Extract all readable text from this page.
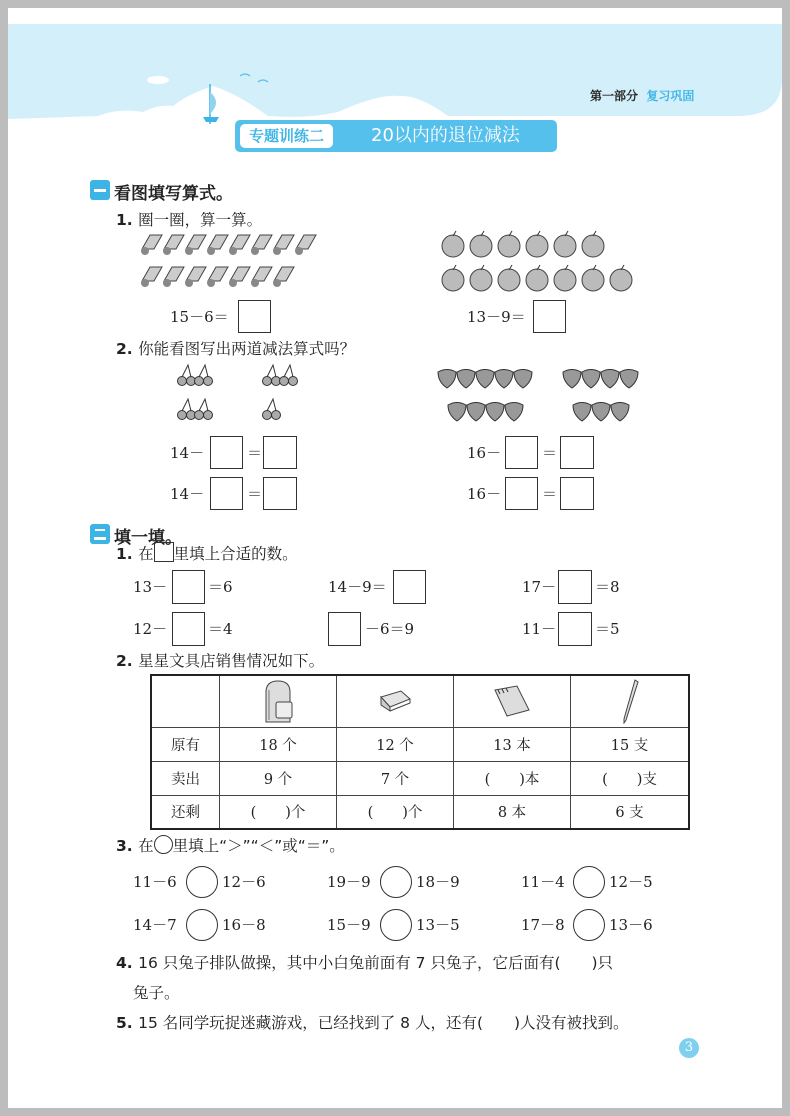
第一部分 复习巩固
专题训练二	20以内的退位减法
看图填写算式。
1. 圈一圈，算一算。
15－6＝	13－9＝
2. 你能看图写出两道减法算式吗？
填一填。
1. 在 里填上合适的数。
13－	＝6	14－9＝	17－	＝8
12－	＝4	－6＝9	11－	＝5
2. 星星文具店销售情况如下。

原有	18 个	12 个	13 本	15 支
卖出	9 个	7 个	(　　)本	(　　)支
还剩	(　　)个	(　　)个	8 本	6 支
3. 在 里填上“＞”“＜”或“＝”。
4. 16 只兔子排队做操，其中小白兔前面有 7 只兔子，它后面有(　　)只
兔子。
5. 15 名同学玩捉迷藏游戏，已经找到了 8 人，还有(　　)人没有被找到。
3
14－	＝
14－	＝
16－	＝
16－	＝
11－6	12－6	19－9	18－9	11－4	12－5
14－7	16－8	15－9	13－5	17－8	13－6
